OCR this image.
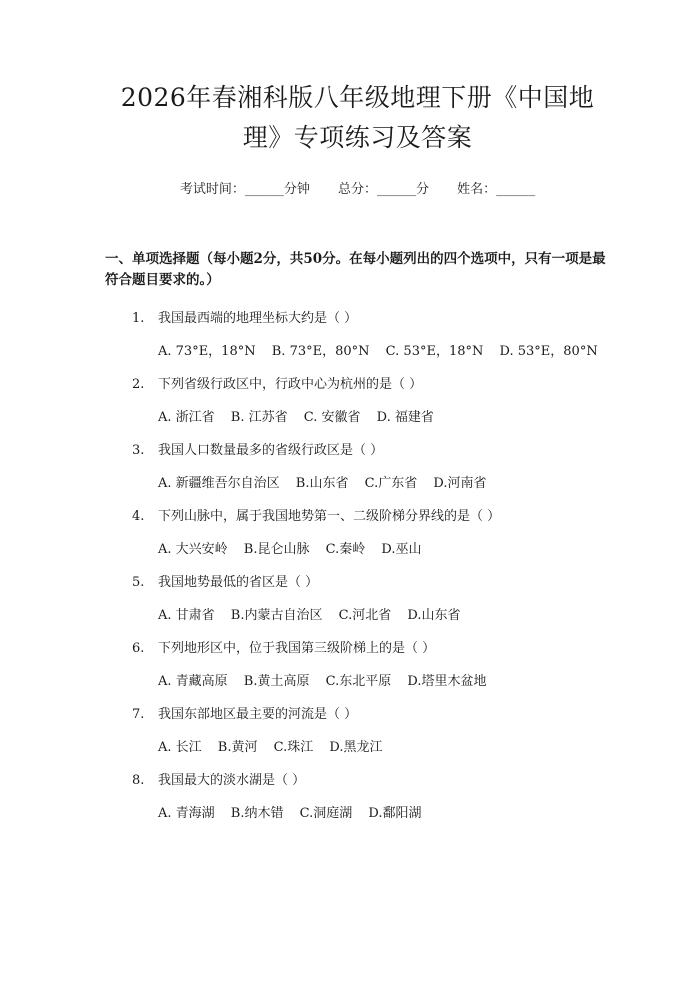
2026年春湘科版八年级地理下册《中国地
理》专项练习及答案
考试时间：______分钟 总分：______分 姓名：______
一、单项选择题（每小题2分，共50分。在每小题列出的四个选项中，只有一项是最符合题目要求的。）
1. 我国最西端的地理坐标大约是（ ）
A. 73°E，18°N B. 73°E，80°N C. 53°E，18°N D. 53°E，80°N
2. 下列省级行政区中，行政中心为杭州的是（ ）
A. 浙江省 B. 江苏省 C. 安徽省 D. 福建省
3. 我国人口数量最多的省级行政区是（ ）
A. 新疆维吾尔自治区 B.山东省 C.广东省 D.河南省
4. 下列山脉中，属于我国地势第一、二级阶梯分界线的是（ ）
A. 大兴安岭 B.昆仑山脉 C.秦岭 D.巫山
5. 我国地势最低的省区是（ ）
A. 甘肃省 B.内蒙古自治区 C.河北省 D.山东省
6. 下列地形区中，位于我国第三级阶梯上的是（ ）
A. 青藏高原 B.黄土高原 C.东北平原 D.塔里木盆地
7. 我国东部地区最主要的河流是（ ）
A. 长江 B.黄河 C.珠江 D.黑龙江
8. 我国最大的淡水湖是（ ）
A. 青海湖 B.纳木错 C.洞庭湖 D.鄱阳湖
